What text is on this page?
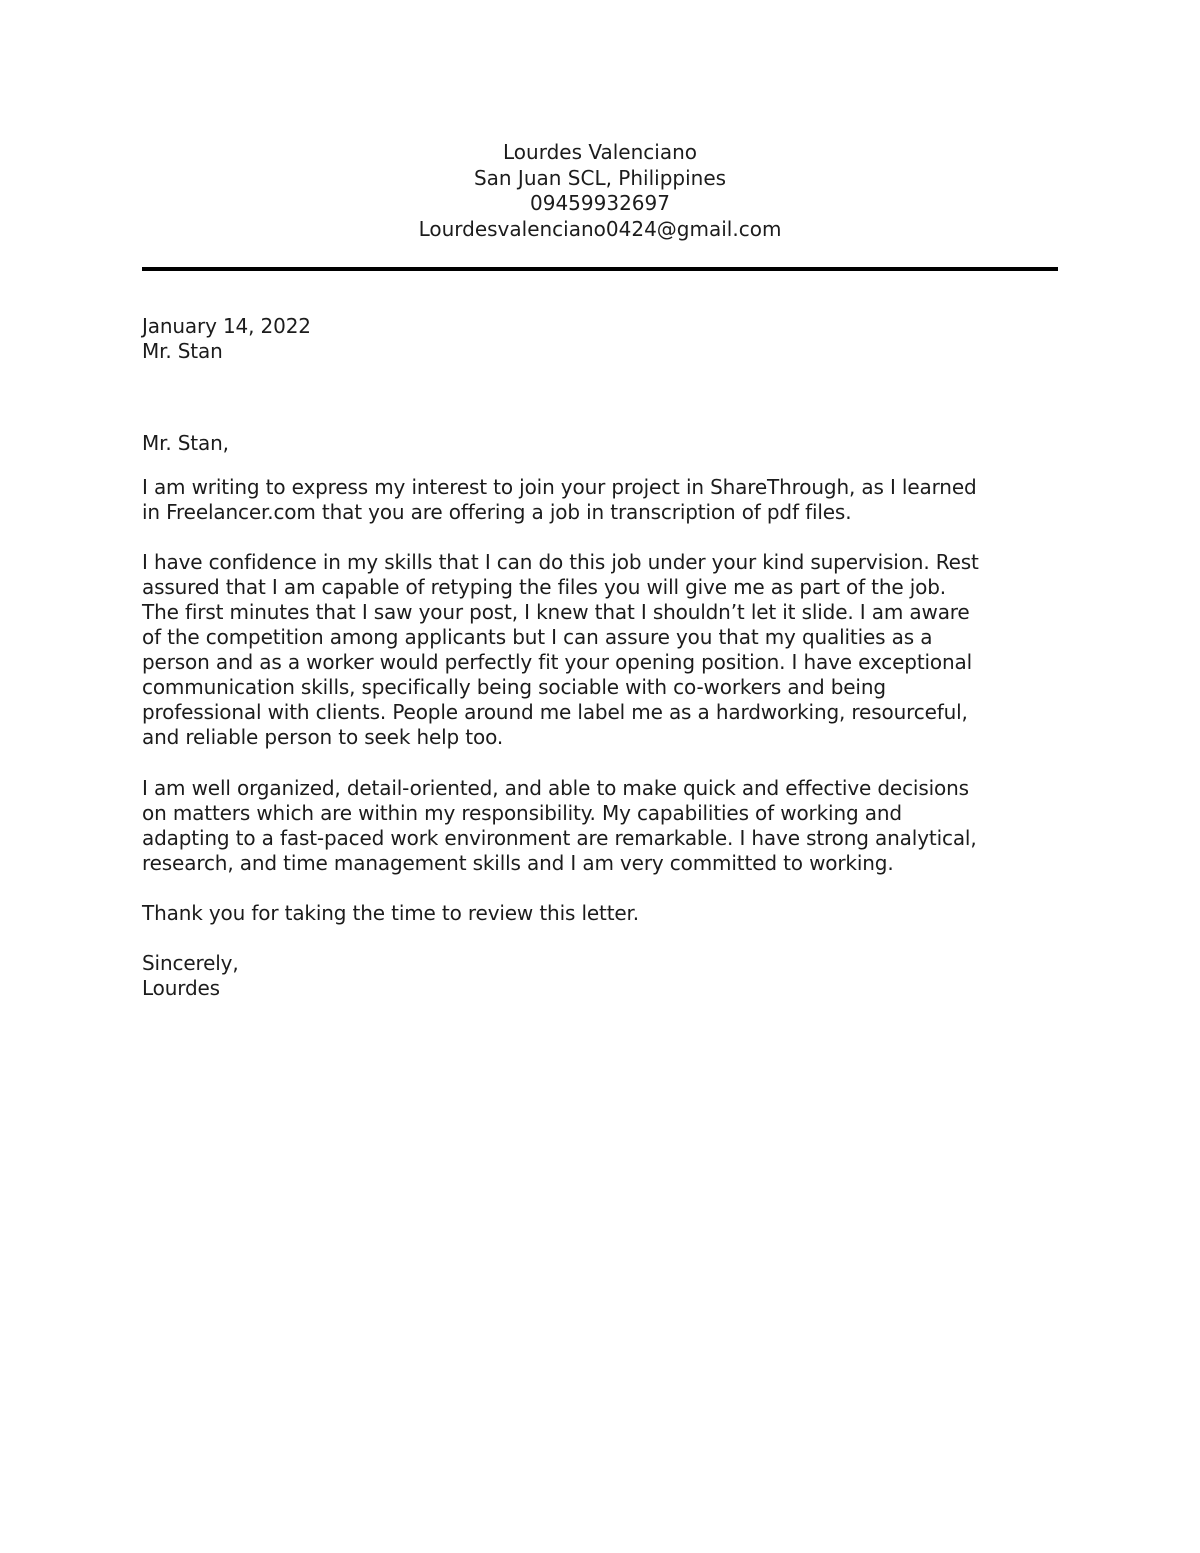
Lourdes Valenciano
San Juan SCL, Philippines
09459932697
Lourdesvalenciano0424@gmail.com
January 14, 2022
Mr. Stan
Mr. Stan,
I am writing to express my interest to join your project in ShareThrough, as I learned
in Freelancer.com that you are offering a job in transcription of pdf files.
I have confidence in my skills that I can do this job under your kind supervision. Rest
assured that I am capable of retyping the files you will give me as part of the job.
The first minutes that I saw your post, I knew that I shouldn’t let it slide. I am aware
of the competition among applicants but I can assure you that my qualities as a
person and as a worker would perfectly fit your opening position. I have exceptional
communication skills, specifically being sociable with co-workers and being
professional with clients. People around me label me as a hardworking, resourceful,
and reliable person to seek help too.
I am well organized, detail-oriented, and able to make quick and effective decisions
on matters which are within my responsibility. My capabilities of working and
adapting to a fast-paced work environment are remarkable. I have strong analytical,
research, and time management skills and I am very committed to working.
Thank you for taking the time to review this letter.
Sincerely,
Lourdes
